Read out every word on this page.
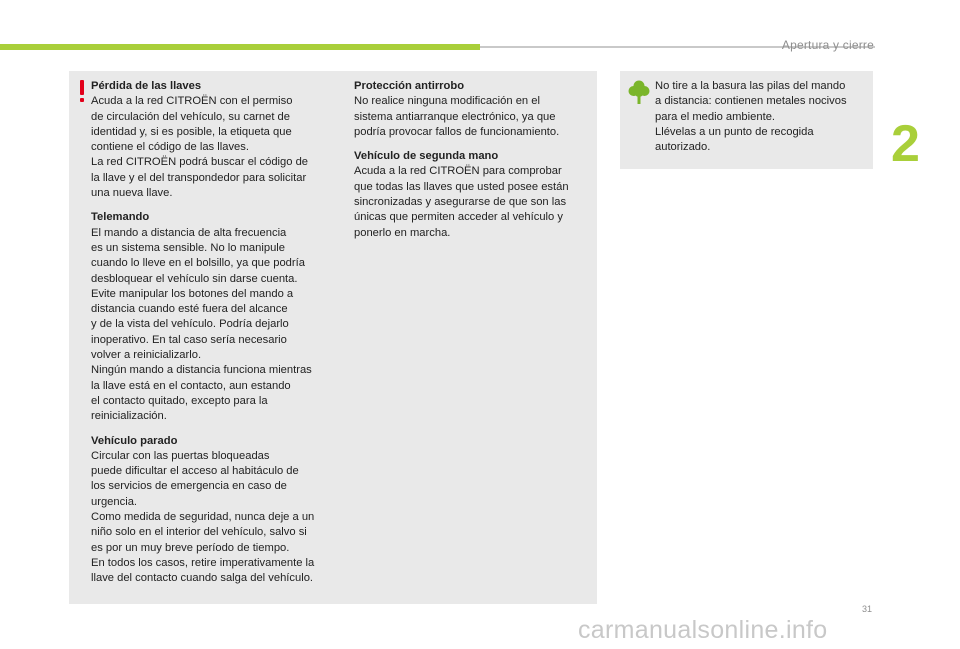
Apertura y cierre
2
Pérdida de las llaves
Acuda a la red CITROËN con el permiso
de circulación del vehículo, su carnet de
identidad y, si es posible, la etiqueta que
contiene el código de las llaves.
La red CITROËN podrá buscar el código de
la llave y el del transpondedor para solicitar
una nueva llave.
Telemando
El mando a distancia de alta frecuencia
es un sistema sensible. No lo manipule
cuando lo lleve en el bolsillo, ya que podría
desbloquear el vehículo sin darse cuenta.
Evite manipular los botones del mando a
distancia cuando esté fuera del alcance
y de la vista del vehículo. Podría dejarlo
inoperativo. En tal caso sería necesario
volver a reinicializarlo.
Ningún mando a distancia funciona mientras
la llave está en el contacto, aun estando
el contacto quitado, excepto para la
reinicialización.
Vehículo parado
Circular con las puertas bloqueadas
puede dificultar el acceso al habitáculo de
los servicios de emergencia en caso de
urgencia.
Como medida de seguridad, nunca deje a un
niño solo en el interior del vehículo, salvo si
es por un muy breve período de tiempo.
En todos los casos, retire imperativamente la
llave del contacto cuando salga del vehículo.
Protección antirrobo
No realice ninguna modificación en el
sistema antiarranque electrónico, ya que
podría provocar fallos de funcionamiento.
Vehículo de segunda mano
Acuda a la red CITROËN para comprobar
que todas las llaves que usted posee están
sincronizadas y asegurarse de que son las
únicas que permiten acceder al vehículo y
ponerlo en marcha.
No tire a la basura las pilas del mando
a distancia: contienen metales nocivos
para el medio ambiente.
Llévelas a un punto de recogida
autorizado.
31
carmanualsonline.info
